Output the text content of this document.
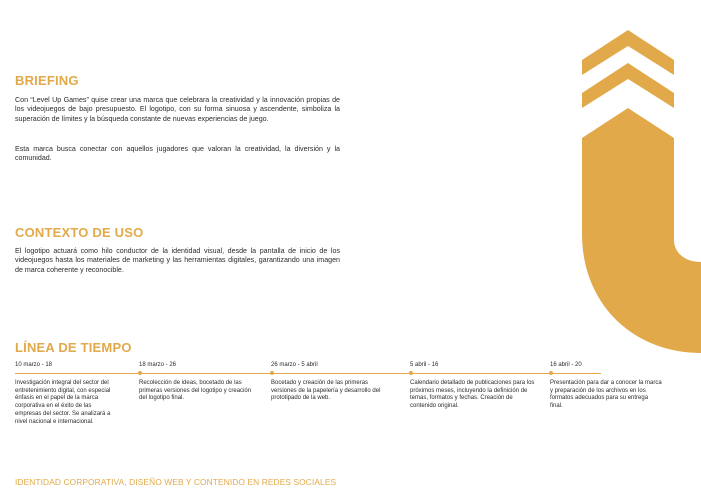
BRIEFING

Con “Level Up Games” quise crear una marca que celebrara la creatividad y la innovación propias de los videojuegos de bajo presupuesto. El logotipo, con su forma sinuosa y ascendente, simboliza la superación de límites y la búsqueda constante de nuevas experiencias de juego.

Esta marca busca conectar con aquellos jugadores que valoran la creatividad, la diversión y la comunidad.

CONTEXTO DE USO

El logotipo actuará como hilo conductor de la identidad visual, desde la pantalla de inicio de los videojuegos hasta los materiales de marketing y las herramientas digitales, garantizando una imagen de marca coherente y reconocible.

LÍNEA DE TIEMPO

10 marzo - 18

Investigación integral del sector del entretenimiento digital, con especial énfasis en el papel de la marca corporativa en el éxito de las empresas del sector. Se analizará a nivel nacional e internacional.

18 marzo - 26

Recolección de ideas, bocetado de las primeras versiones del logotipo y creación del logotipo final.

26 marzo - 5 abril

Bocetado y creación de las primeras versiones de la papelería y desarrollo del prototipado de la web.

5 abril - 16

Calendario detallado de publicaciones para los próximos meses, incluyendo la definición de temas, formatos y fechas. Creación de contenido original.

16 abril - 20

Presentación para dar a conocer la marca y preparación de los archivos en los formatos adecuados para su entrega final.

IDENTIDAD CORPORATIVA, DISEÑO WEB Y CONTENIDO EN REDES SOCIALES
